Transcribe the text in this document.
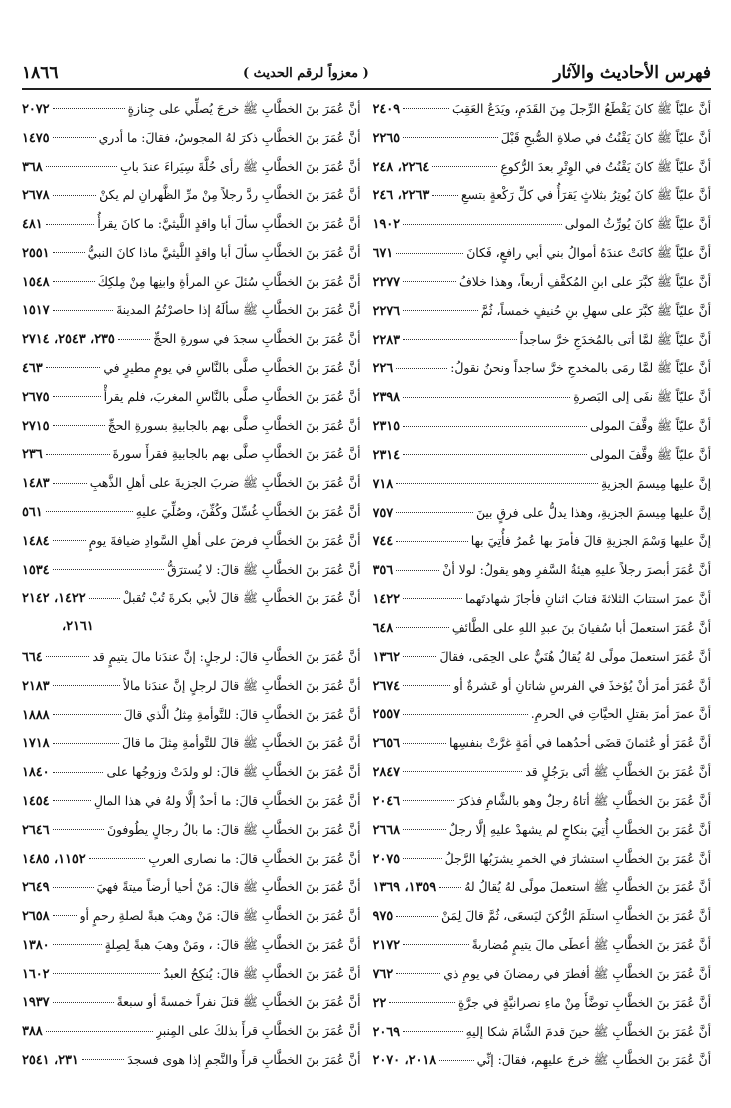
فهرس الأحاديث والآثار
( معزواً لرقم الحديث )
١٨٦٦
أنَّ عليّاً ﷺ كانَ يَقْطَعُ الرِّجلَ مِنَ القَدَمِ، ويَدَعُ العَقِبَ
٢٤٠٩
أنَّ عليّاً ﷺ كانَ يَقْنُتُ في صلاةِ الصُّبحِ قَبْلَ
٢٢٦٥
أنَّ عليّاً ﷺ كانَ يَقْنُتُ في الوِتْرِ بعدَ الرُّكوعِ
٢٢٦٤، ٢٤٨
أنَّ عليّاً ﷺ كانَ يُوتِرُ بثلاثٍ يَقرَأُ في كلِّ رَكْعةٍ بتسعِ
٢٢٦٣، ٢٤٦
أنَّ عليّاً ﷺ كانَ يُورِّثُ المولى
١٩٠٢
أنَّ عليّاً ﷺ كانَتْ عندَهُ أموالُ بني أبي رافعٍ، فَكانَ
٦٧١
أنَّ عليّاً ﷺ كبَّرَ على ابنِ المُكفَّفِ أربعاً، وهذا خلافُ
٢٢٧٧
أنَّ عليّاً ﷺ كبَّرَ على سهلِ بنِ حُنيفٍ خمساً، ثُمَّ
٢٢٧٦
أنَّ عليّاً ﷺ لمَّا أتى بالمُخدَجِ خرَّ ساجداً
٢٢٨٣
أنَّ عليّاً ﷺ لمَّا رمَى بالمخدجِ خرَّ ساجداً ونحنُ نقولُ:
٢٢٦
أنَّ عليّاً ﷺ نفَى إلى البَصرةِ
٢٣٩٨
أنَّ عليّاً ﷺ وقَّفَ المولى
٢٣١٥
أنَّ عليّاً ﷺ وقَّفَ المولى
٢٣١٤
إنَّ عليها مِيسمَ الجزيةِ
٧١٨
إنَّ عليها مِيسمَ الجزيةِ، وهذا يدلُّ على فرقٍ بينَ
٧٥٧
إنَّ عليها وَسْمَ الجزيةِ قالَ فأمرَ بها عُمرُ فأُتِيَ بها
٧٤٤
أنَّ عُمَرَ أبصرَ رجلاً عليهِ هيئةُ السَّفرِ وهو يقولُ: لولا أنْ
٣٥٦
أنَّ عمرَ استتابَ الثلاثةَ فتابَ اثنانِ فأجازَ شهادتَهما
١٤٢٢
أنَّ عُمَرَ استعملَ أبا سُفيانَ بنَ عبدِ اللهِ على الطَّائفِ
٦٤٨
أنَّ عُمَرَ استعملَ مولًى لهُ يُقالُ هُنَيٌّ على الحِمَى، فقالَ
١٣٦٢
أنَّ عُمَرَ أمرَ أنْ يُؤخذَ في الفرسِ شاتانِ أو عَشرةٌ أو
٢٦٧٤
أنَّ عمرَ أمرَ بقتلِ الحيَّاتِ في الحرمِ.
٢٥٥٧
أنَّ عُمَرَ أو عُثمانَ قضَى أحدُهما في أمَةٍ غرَّتْ بنفسِها
٢٦٥٦
أنَّ عُمَرَ بنَ الخطَّابِ ﷺ أتَى برَجُلٍ قد
٢٨٤٧
أنَّ عُمَرَ بنَ الخطَّابِ ﷺ أتاهُ رجلٌ وهو بالشَّامِ فذكرَ
٢٠٤٦
أنَّ عُمَرَ بنَ الخطَّابِ أُتِيَ بنكاحٍ لم يشهدْ عليهِ إلَّا رجلٌ
٢٦٦٨
أنَّ عُمَرَ بنَ الخطَّابِ استشارَ في الخمرِ يشرَبُها الرَّجلُ
٢٠٧٥
أنَّ عُمَرَ بنَ الخطَّابِ ﷺ استعملَ مولًى لهُ يُقالُ لهُ
١٣٥٩، ١٣٦٩
أنَّ عُمَرَ بنَ الخطَّابِ استلَمَ الرُّكنَ ليَسعَى، ثُمَّ قالَ لِمَنْ
٩٧٥
أنَّ عُمَرَ بنَ الخطَّابِ ﷺ أعطَى مالَ يتيمٍ مُضاربةً
٢١٧٢
أنَّ عُمَرَ بنَ الخطَّابِ ﷺ أفطرَ في رمضانَ في يومِ ذي
٧٦٢
أنَّ عُمَرَ بنَ الخطَّابِ توضَّأَ مِنْ ماءِ نصرانيَّةٍ في جرَّةٍ
٢٢
أنَّ عُمَرَ بنَ الخطَّابِ ﷺ حينَ قدمَ الشَّامَ شكا إليهِ
٢٠٦٩
أنَّ عُمَرَ بنَ الخطَّابِ ﷺ خرجَ عليهِم، فقالَ: إنِّي
٢٠١٨، ٢٠٧٠
أنَّ عُمَرَ بنَ الخطَّابِ ﷺ خرجَ يُصلِّي على جِنازةٍ
٢٠٧٢
أنَّ عُمَرَ بنَ الخطَّابِ ذكرَ لهُ المجوسُ، فقالَ: ما أدري
١٤٧٥
أنَّ عُمَرَ بنَ الخطَّابِ ﷺ رأى حُلَّةَ سِيَراءَ عندَ بابِ
٣٦٨
أنَّ عُمَرَ بنَ الخطَّابِ ردَّ رجلاً مِنْ مرِّ الظَّهرانِ لم يكنْ
٢٦٧٨
أنَّ عُمَرَ بنَ الخطَّابِ سألَ أبا واقدٍ اللَّيثيَّ: ما كانَ يقرأُ
٤٨١
أنَّ عُمَرَ بنَ الخطَّابِ سألَ أبا واقدٍ اللَّيثيَّ ماذا كانَ النبيُّ
٢٥٥١
أنَّ عُمَرَ بنَ الخطَّابِ سُئلَ عنِ المرأةِ وابنِها مِنْ مِلكِكَ
١٥٤٨
أنَّ عُمَرَ بنَ الخطَّابِ ﷺ سألَهُ إذا حاصرْتُمُ المدينةَ
١٥١٧
أنَّ عُمَرَ بنَ الخطَّابِ سجدَ في سورةِ الحجِّ
٢٣٥، ٢٥٤٣، ٢٧١٤
أنَّ عُمَرَ بنَ الخطَّابِ صلَّى بالنَّاسِ في يومٍ مطيرٍ في
٤٦٣
أنَّ عُمَرَ بنَ الخطَّابِ صلَّى بالنَّاسِ المغربَ، فلم يقرأْ
٢٦٧٥
أنَّ عُمَرَ بنَ الخطَّابِ صلَّى بهم بالجابيةِ بسورةِ الحجِّ
٢٧١٥
أنَّ عُمَرَ بنَ الخطَّابِ صلَّى بهم بالجابيةِ فقرأَ سورةَ
٢٣٦
أنَّ عُمَرَ بنَ الخطَّابِ ﷺ ضربَ الجزيةَ على أهلِ الذَّهبِ
١٤٨٣
أنَّ عُمَرَ بنَ الخطَّابِ غُسِّلَ وكُفِّنَ، وصُلِّيَ عليهِ
٥٦١
أنَّ عُمَرَ بنَ الخطَّابِ فرضَ على أهلِ السَّوادِ ضيافةَ يومٍ
١٤٨٤
أنَّ عُمَرَ بنَ الخطَّابِ ﷺ قالَ: لا يُسترَقُّ
١٥٣٤
أنَّ عُمَرَ بنَ الخطَّابِ ﷺ قالَ لأبي بكرةَ تُبْ تُقبلْ
١٤٢٢، ٢١٤٢
٢١٦١،
أنَّ عُمَرَ بنَ الخطَّابِ قالَ: لرجلٍ: إنَّ عندَنا مالَ يتيمٍ قد
٦٦٤
أنَّ عُمَرَ بنَ الخطَّابِ ﷺ قالَ لرجلٍ إنَّ عندَنا مالاً
٢١٨٣
أنَّ عُمَرَ بنَ الخطَّابِ قالَ: للتَّوأمةِ مِثلُ الَّذي قالَ
١٨٨٨
أنَّ عُمَرَ بنَ الخطَّابِ ﷺ قالَ للتَّوأمةِ مِثلَ ما قالَ
١٧١٨
أنَّ عُمَرَ بنَ الخطَّابِ ﷺ قالَ: لو ولدَتْ وزوجُها على
١٨٤٠
أنَّ عُمَرَ بنَ الخطَّابِ قالَ: ما أحدٌ إلَّا ولهُ في هذا المالِ
١٤٥٤
أنَّ عُمَرَ بنَ الخطَّابِ ﷺ قالَ: ما بالُ رجالٍ يطُوفونَ
٢٦٤٦
أنَّ عُمَرَ بنَ الخطَّابِ قالَ: ما نصارى العربِ
١١٥٢، ١٤٨٥
أنَّ عُمَرَ بنَ الخطَّابِ ﷺ قالَ: مَنْ أحيا أرضاً ميتةً فهيَ
٢٦٤٩
أنَّ عُمَرَ بنَ الخطَّابِ ﷺ قالَ: مَنْ وهبَ هبةً لصلةِ رحمٍ أو
٢٦٥٨
أنَّ عُمَرَ بنَ الخطَّابِ ﷺ قالَ: ، ومَنْ وهبَ هبةً لِصِلةٍ
١٣٨٠
أنَّ عُمَرَ بنَ الخطَّابِ ﷺ قالَ: يُنكِحُ العبدُ
١٦٠٢
أنَّ عُمَرَ بنَ الخطَّابِ ﷺ قتلَ نفراً خمسةً أو سبعةً
١٩٣٧
أنَّ عُمَرَ بنَ الخطَّابِ قرأَ بذلكَ على المِنبرِ
٣٨٨
أنَّ عُمَرَ بنَ الخطَّابِ قرأَ والنَّجمِ إذا هوى فسجدَ
٢٣١، ٢٥٤١
